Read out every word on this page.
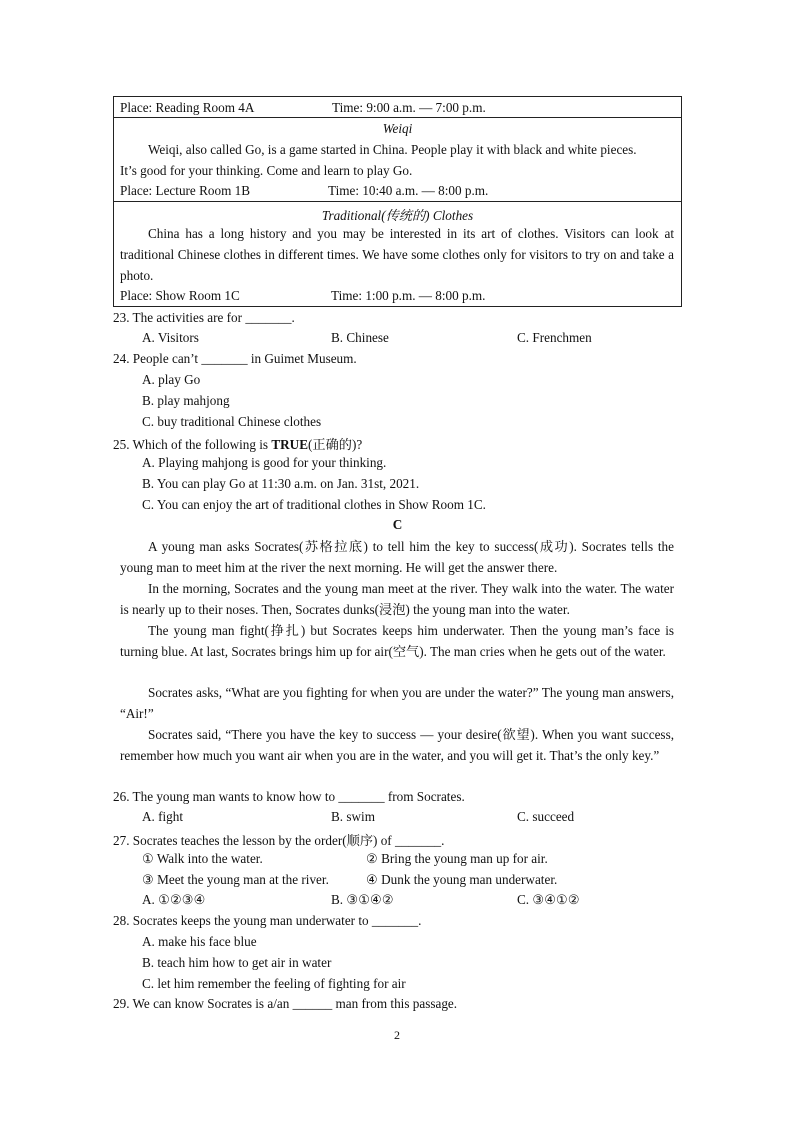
Place: Reading Room 4A	Time: 9:00 a.m. — 7:00 p.m.
Weiqi
Weiqi, also called Go, is a game started in China. People play it with black and white pieces.
It’s good for your thinking. Come and learn to play Go.
Place: Lecture Room 1B	Time: 10:40 a.m. — 8:00 p.m.
Traditional(传统的) Clothes
China has a long history and you may be interested in its art of clothes. Visitors can look at traditional Chinese clothes in different times. We have some clothes only for visitors to try on and take a photo.
Place: Show Room 1C	Time: 1:00 p.m. — 8:00 p.m.
23. The activities are for _______.
A. Visitors	B. Chinese	C. Frenchmen
24. People can’t _______ in Guimet Museum.
A. play Go
B. play mahjong
C. buy traditional Chinese clothes
25. Which of the following is TRUE(正确的)?
A. Playing mahjong is good for your thinking.
B. You can play Go at 11:30 a.m. on Jan. 31st, 2021.
C. You can enjoy the art of traditional clothes in Show Room 1C.
C
A young man asks Socrates(苏格拉底) to tell him the key to success(成功). Socrates tells the young man to meet him at the river the next morning. He will get the answer there.
In the morning, Socrates and the young man meet at the river. They walk into the water. The water is nearly up to their noses. Then, Socrates dunks(浸泡) the young man into the water.
The young man fight(挣扎) but Socrates keeps him underwater. Then the young man’s face is turning blue. At last, Socrates brings him up for air(空气). The man cries when he gets out of the water.
Socrates asks, “What are you fighting for when you are under the water?” The young man answers, “Air!”
Socrates said, “There you have the key to success — your desire(欲望). When you want success, remember how much you want air when you are in the water, and you will get it. That’s the only key.”
26. The young man wants to know how to _______ from Socrates.
A. fight	B. swim	C. succeed
27. Socrates teaches the lesson by the order(顺序) of _______.
① Walk into the water.	② Bring the young man up for air.
③ Meet the young man at the river.	④ Dunk the young man underwater.
A. ①②③④	B. ③①④②	C. ③④①②
28. Socrates keeps the young man underwater to _______.
A. make his face blue
B. teach him how to get air in water
C. let him remember the feeling of fighting for air
29. We can know Socrates is a/an ______ man from this passage.
2
